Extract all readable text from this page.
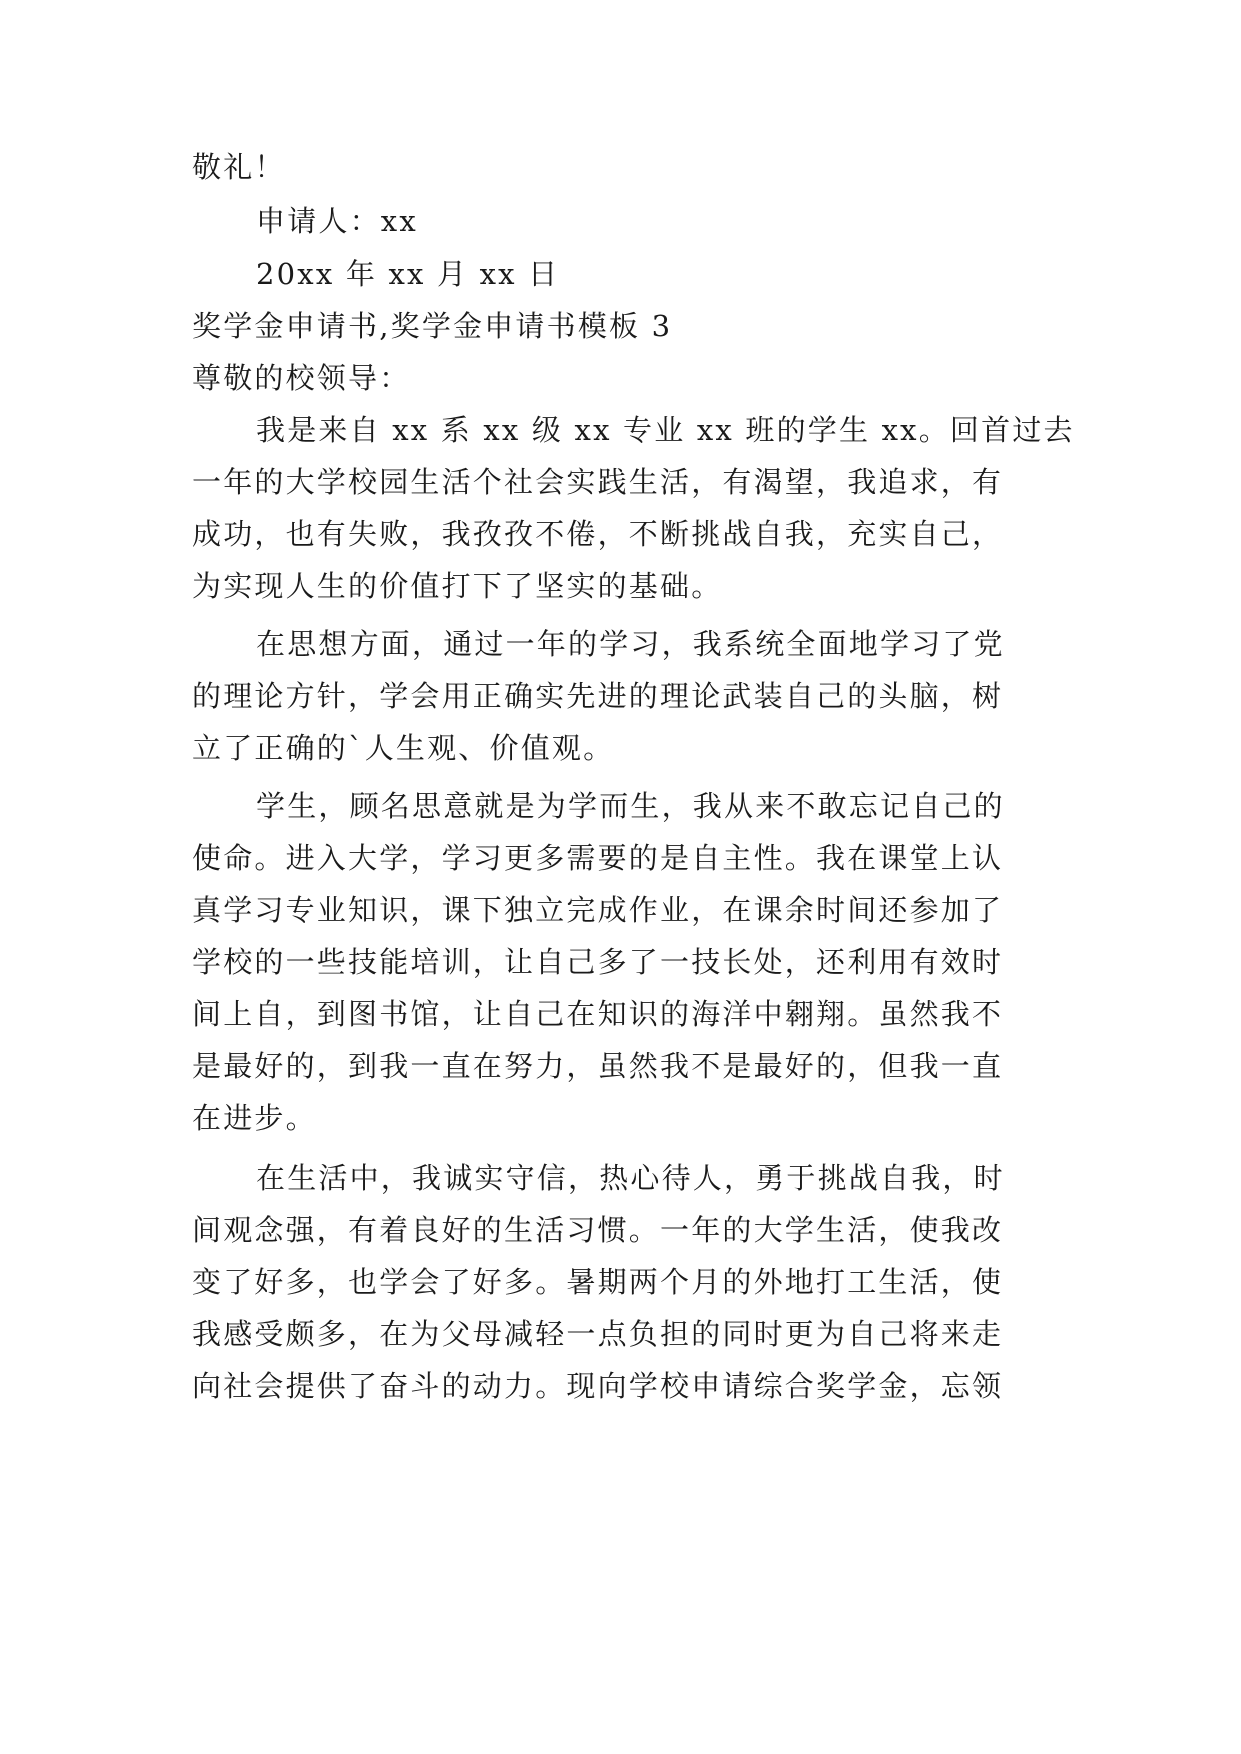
敬礼！
申请人：xx
20xx 年 xx 月 xx 日
奖学金申请书,奖学金申请书模板 3
尊敬的校领导：
我是来自 xx 系 xx 级 xx 专业 xx 班的学生 xx。回首过去
一年的大学校园生活个社会实践生活，有渴望，我追求，有
成功，也有失败，我孜孜不倦，不断挑战自我，充实自己，
为实现人生的价值打下了坚实的基础。
在思想方面，通过一年的学习，我系统全面地学习了党
的理论方针，学会用正确实先进的理论武装自己的头脑，树
立了正确的`人生观、价值观。
学生，顾名思意就是为学而生，我从来不敢忘记自己的
使命。进入大学，学习更多需要的是自主性。我在课堂上认
真学习专业知识，课下独立完成作业，在课余时间还参加了
学校的一些技能培训，让自己多了一技长处，还利用有效时
间上自，到图书馆，让自己在知识的海洋中翱翔。虽然我不
是最好的，到我一直在努力，虽然我不是最好的，但我一直
在进步。
在生活中，我诚实守信，热心待人，勇于挑战自我，时
间观念强，有着良好的生活习惯。一年的大学生活，使我改
变了好多，也学会了好多。暑期两个月的外地打工生活，使
我感受颇多，在为父母减轻一点负担的同时更为自己将来走
向社会提供了奋斗的动力。现向学校申请综合奖学金，忘领
